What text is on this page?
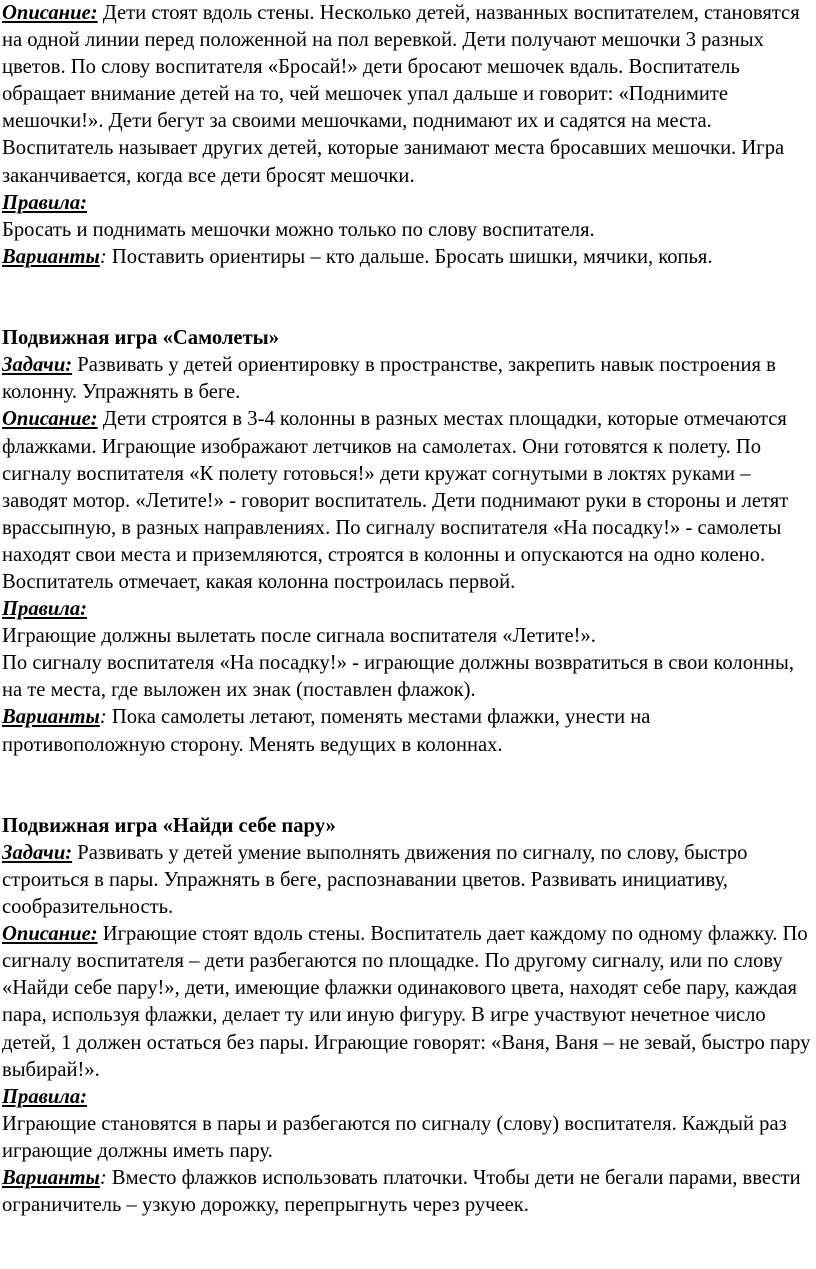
Описание: Дети стоят вдоль стены. Несколько детей, названных воспитателем, становятся на одной линии перед положенной на пол веревкой. Дети получают мешочки 3 разных цветов. По слову воспитателя «Бросай!» дети бросают мешочек вдаль. Воспитатель обращает внимание детей на то, чей мешочек упал дальше и говорит: «Поднимите мешочки!». Дети бегут за своими мешочками, поднимают их и садятся на места. Воспитатель называет других детей, которые занимают места бросавших мешочки. Игра заканчивается, когда все дети бросят мешочки.

Правила:

Бросать и поднимать мешочки можно только по слову воспитателя.

Варианты: Поставить ориентиры – кто дальше. Бросать шишки, мячики, копья.

Подвижная игра «Самолеты»

Задачи: Развивать у детей ориентировку в пространстве, закрепить навык построения в колонну. Упражнять в беге.

Описание: Дети строятся в 3-4 колонны в разных местах площадки, которые отмечаются флажками. Играющие изображают летчиков на самолетах. Они готовятся к полету. По сигналу воспитателя «К полету готовься!» дети кружат согнутыми в локтях руками – заводят мотор. «Летите!» - говорит воспитатель. Дети поднимают руки в стороны и летят врассыпную, в разных направлениях. По сигналу воспитателя «На посадку!» - самолеты находят свои места и приземляются, строятся в колонны и опускаются на одно колено. Воспитатель отмечает, какая колонна построилась первой.

Правила:

Играющие должны вылетать после сигнала воспитателя «Летите!».

По сигналу воспитателя «На посадку!» - играющие должны возвратиться в свои колонны, на те места, где выложен их знак (поставлен флажок).

Варианты: Пока самолеты летают, поменять местами флажки, унести на противоположную сторону. Менять ведущих в колоннах.

Подвижная игра «Найди себе пару»

Задачи: Развивать у детей умение выполнять движения по сигналу, по слову, быстро строиться в пары. Упражнять в беге, распознавании цветов. Развивать инициативу, сообразительность.

Описание: Играющие стоят вдоль стены. Воспитатель дает каждому по одному флажку. По сигналу воспитателя – дети разбегаются по площадке. По другому сигналу, или по слову «Найди себе пару!», дети, имеющие флажки одинакового цвета, находят себе пару, каждая пара, используя флажки, делает ту или иную фигуру. В игре участвуют нечетное число детей, 1 должен остаться без пары. Играющие говорят: «Ваня, Ваня – не зевай, быстро пару выбирай!».

Правила:

Играющие становятся в пары и разбегаются по сигналу (слову) воспитателя. Каждый раз играющие должны иметь пару.

Варианты: Вместо флажков использовать платочки. Чтобы дети не бегали парами, ввести ограничитель – узкую дорожку, перепрыгнуть через ручеек.
